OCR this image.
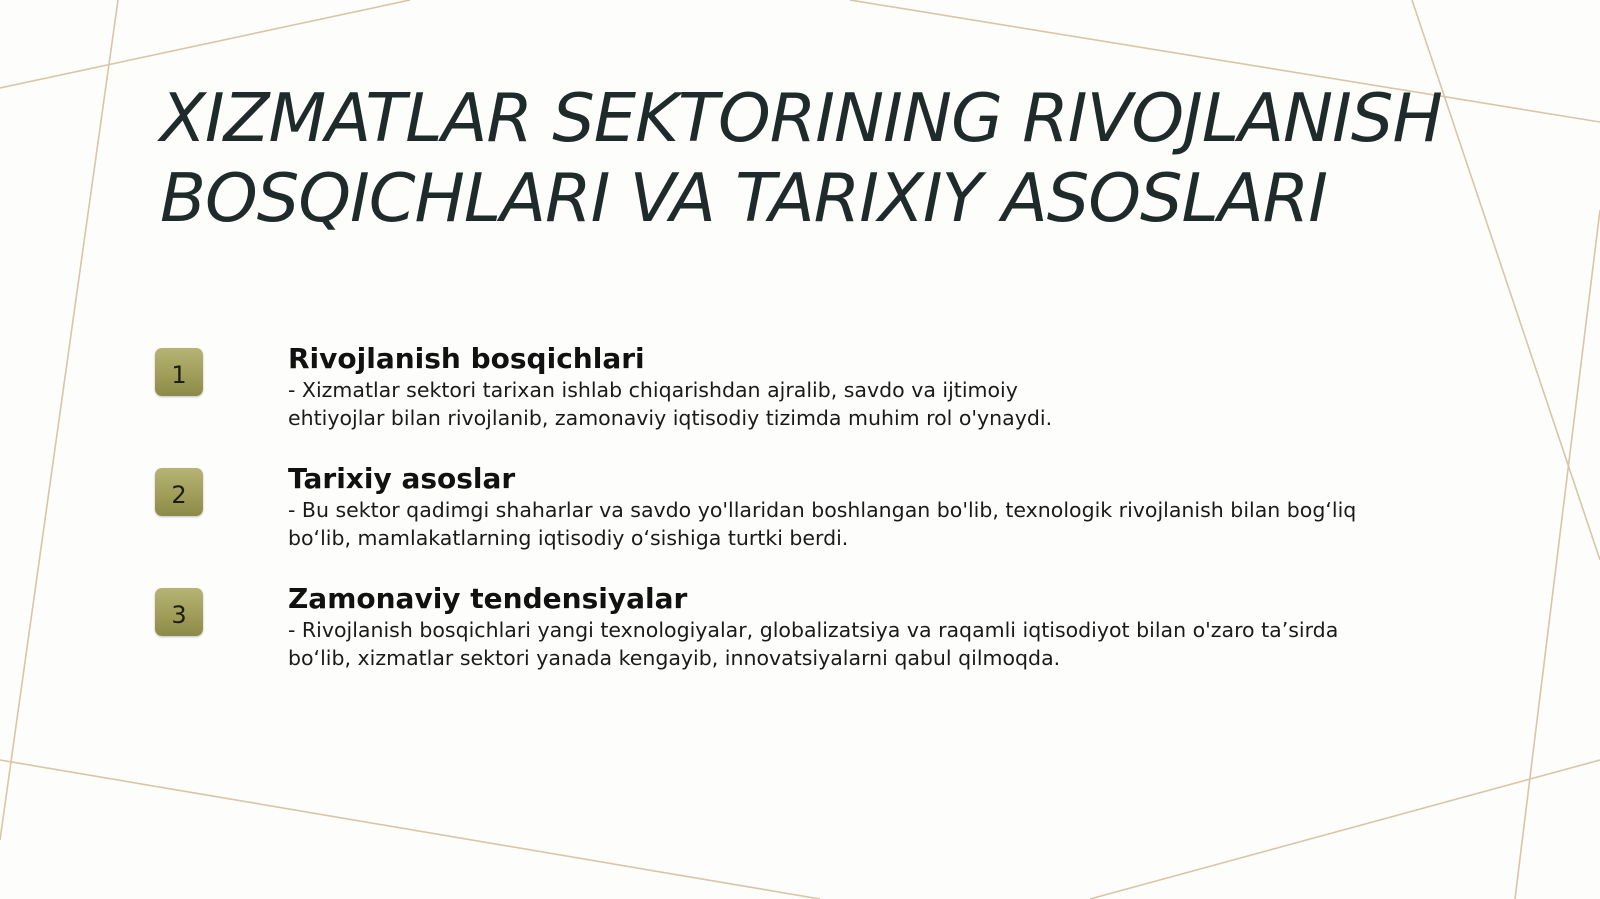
XIZMATLAR SEKTORINING RIVOJLANISH
BOSQICHLARI VA TARIXIY ASOSLARI
1	Rivojlanish bosqichlari

- Xizmatlar sektori tarixan ishlab chiqarishdan ajralib, savdo va ijtimoiy
ehtiyojlar bilan rivojlanib, zamonaviy iqtisodiy tizimda muhim rol o'ynaydi.

2	Tarixiy asoslar

- Bu sektor qadimgi shaharlar va savdo yo'llaridan boshlangan bo'lib, texnologik rivojlanish bilan bog‘liq
bo‘lib, mamlakatlarning iqtisodiy o‘sishiga turtki berdi.

3	Zamonaviy tendensiyalar

- Rivojlanish bosqichlari yangi texnologiyalar, globalizatsiya va raqamli iqtisodiyot bilan o'zaro ta’sirda
bo‘lib, xizmatlar sektori yanada kengayib, innovatsiyalarni qabul qilmoqda.
